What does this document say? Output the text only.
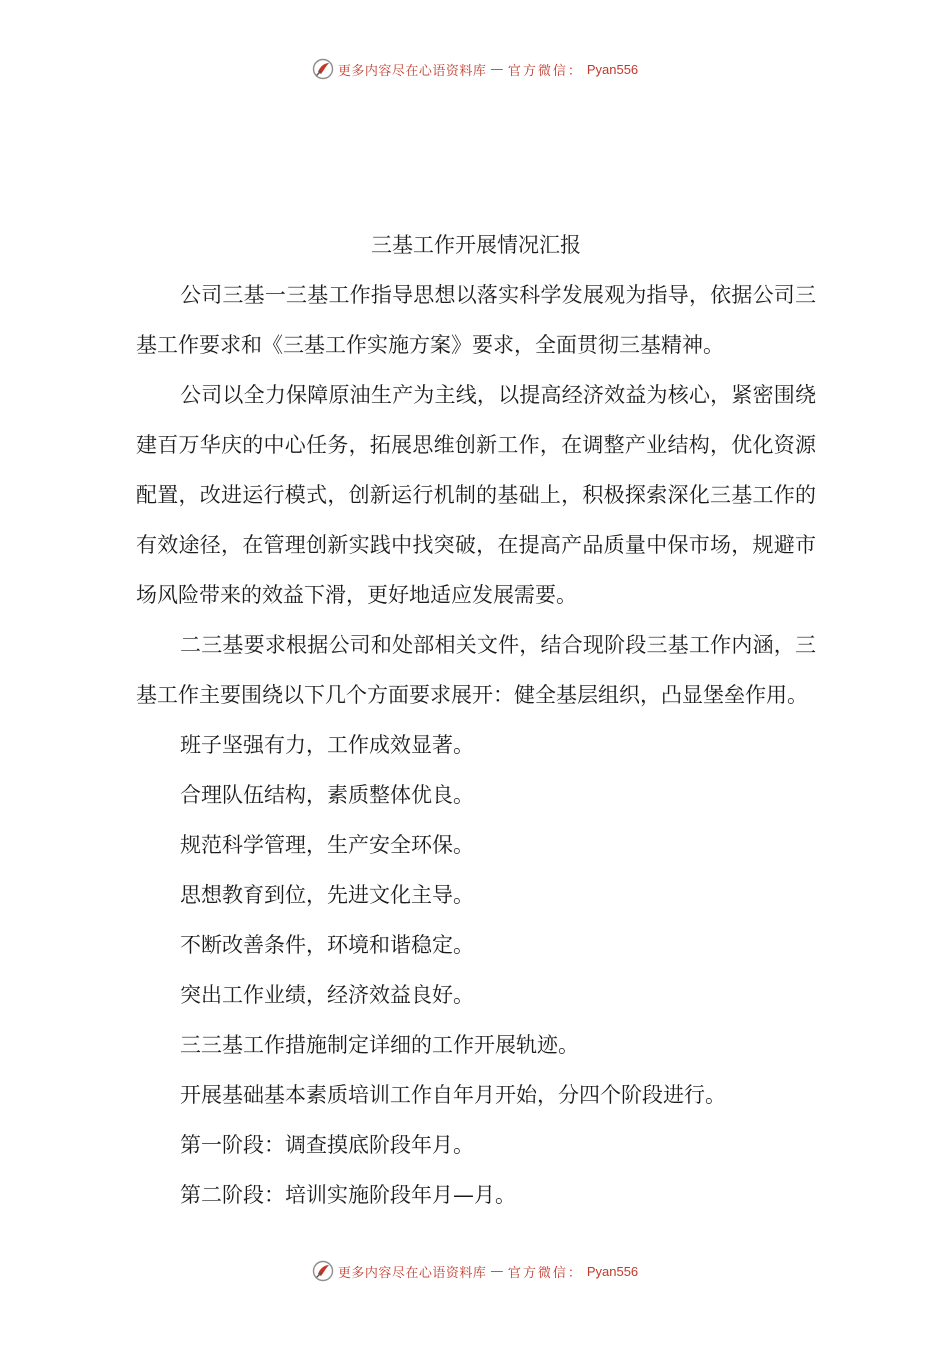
更多内容尽在心语资料库 — 官方微信： Pyan556
三基工作开展情况汇报

公司三基一三基工作指导思想以落实科学发展观为指导，依据公司三基工作要求和《三基工作实施方案》要求，全面贯彻三基精神。

公司以全力保障原油生产为主线，以提高经济效益为核心，紧密围绕建百万华庆的中心任务，拓展思维创新工作，在调整产业结构，优化资源配置，改进运行模式，创新运行机制的基础上，积极探索深化三基工作的有效途径，在管理创新实践中找突破，在提高产品质量中保市场，规避市场风险带来的效益下滑，更好地适应发展需要。

二三基要求根据公司和处部相关文件，结合现阶段三基工作内涵，三基工作主要围绕以下几个方面要求展开：健全基层组织，凸显堡垒作用。

班子坚强有力，工作成效显著。

合理队伍结构，素质整体优良。

规范科学管理，生产安全环保。

思想教育到位，先进文化主导。

不断改善条件，环境和谐稳定。

突出工作业绩，经济效益良好。

三三基工作措施制定详细的工作开展轨迹。

开展基础基本素质培训工作自年月开始，分四个阶段进行。

第一阶段：调查摸底阶段年月。

第二阶段：培训实施阶段年月—月。

更多内容尽在心语资料库 — 官方微信： Pyan556
